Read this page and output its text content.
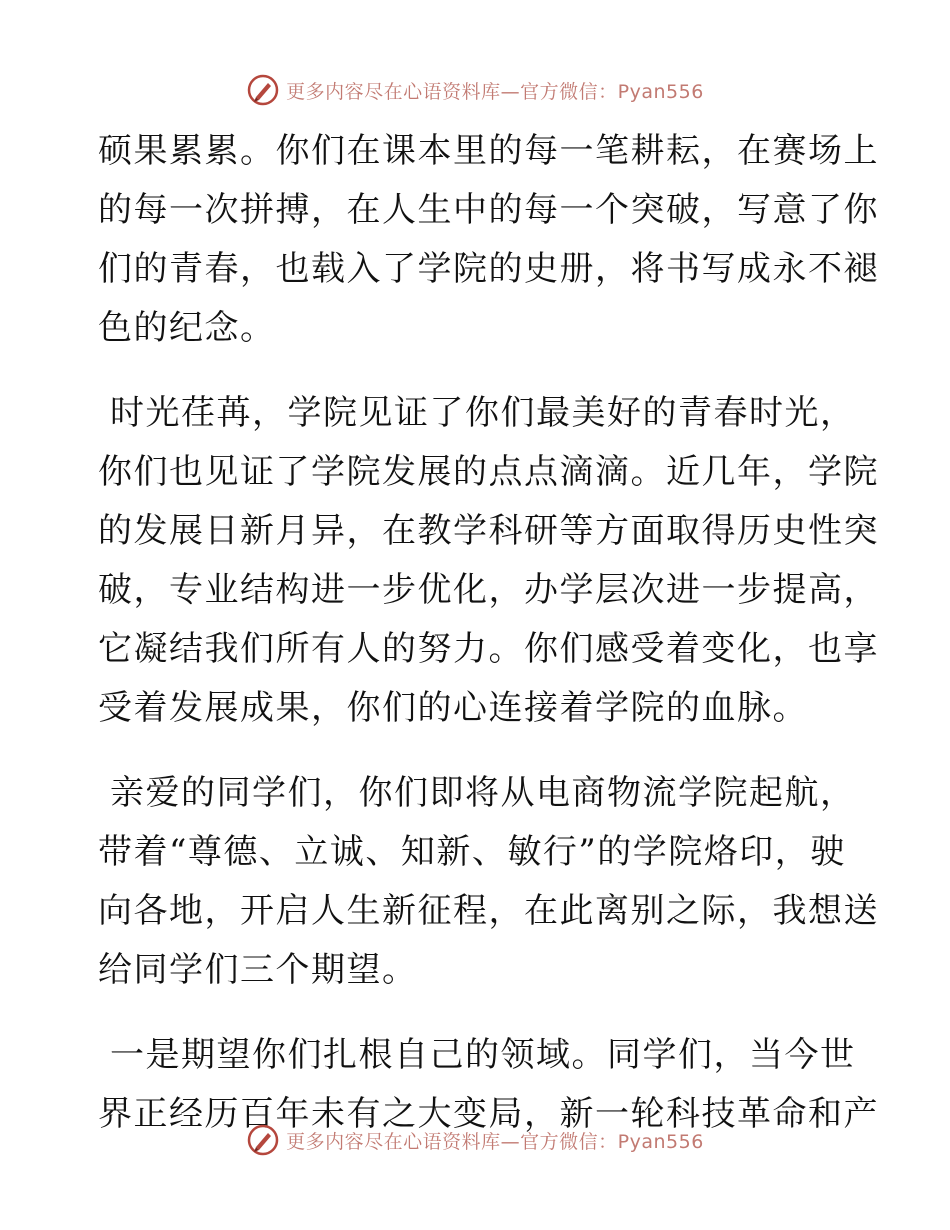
更多内容尽在心语资料库—官方微信：Pyan556
硕果累累。你们在课本里的每一笔耕耘，在赛场上
的每一次拼搏，在人生中的每一个突破，写意了你
们的青春，也载入了学院的史册，将书写成永不褪
色的纪念。
时光荏苒，学院见证了你们最美好的青春时光，
你们也见证了学院发展的点点滴滴。近几年，学院
的发展日新月异，在教学科研等方面取得历史性突
破，专业结构进一步优化，办学层次进一步提高，
它凝结我们所有人的努力。你们感受着变化，也享
受着发展成果，你们的心连接着学院的血脉。
亲爱的同学们，你们即将从电商物流学院起航，
带着“尊德、立诚、知新、敏行”的学院烙印，驶
向各地，开启人生新征程，在此离别之际，我想送
给同学们三个期望。
一是期望你们扎根自己的领域。同学们，当今世
界正经历百年未有之大变局，新一轮科技革命和产
更多内容尽在心语资料库—官方微信：Pyan556
